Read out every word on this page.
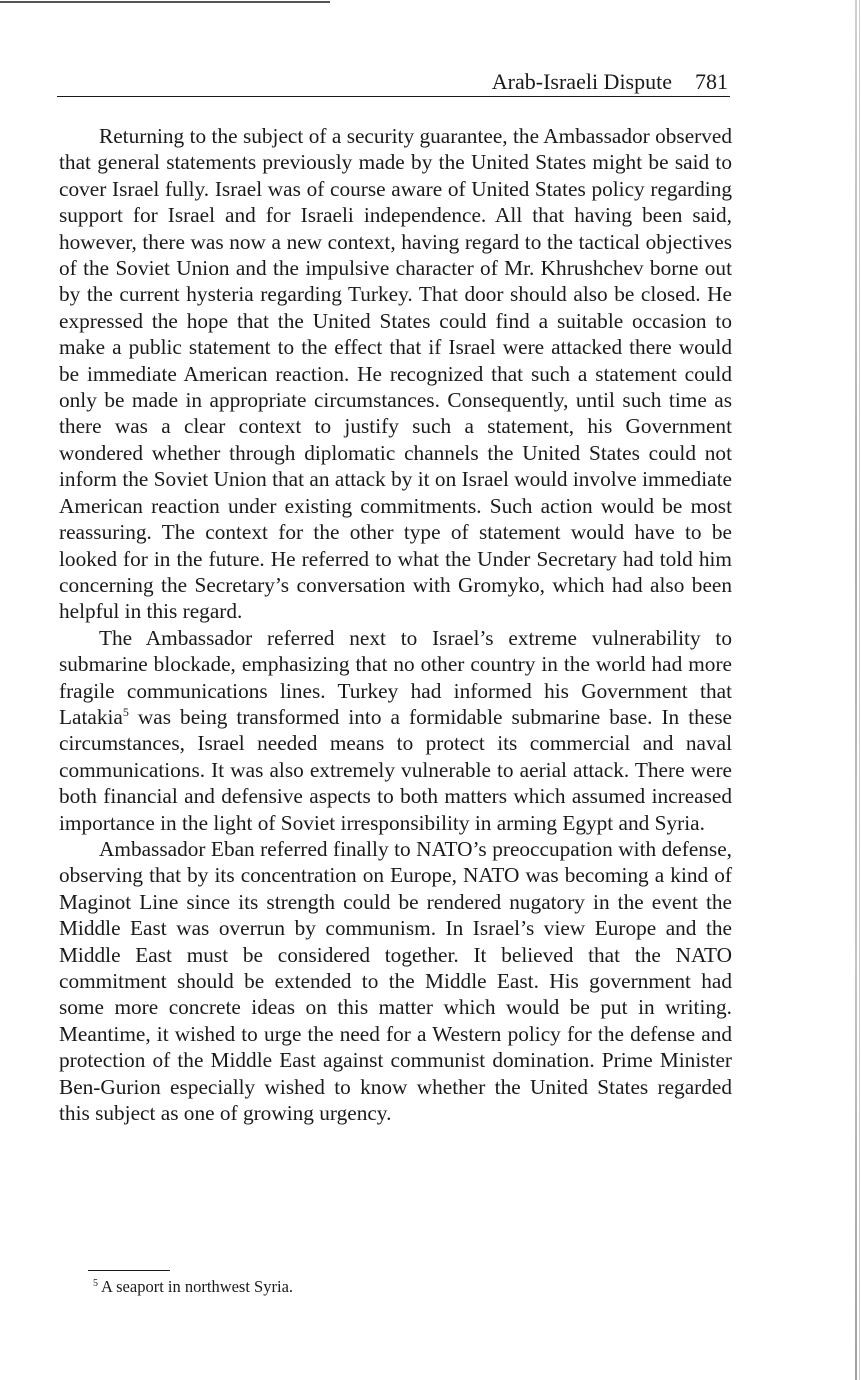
Arab-Israeli Dispute 781

Returning to the subject of a security guarantee, the Ambassador observed that general statements previously made by the United States might be said to cover Israel fully. Israel was of course aware of United States policy regarding support for Israel and for Israeli independence. All that having been said, however, there was now a new context, having regard to the tactical objectives of the Soviet Union and the impulsive character of Mr. Khrushchev borne out by the current hysteria regarding Turkey. That door should also be closed. He expressed the hope that the United States could find a suitable occasion to make a public statement to the effect that if Israel were attacked there would be immediate American reaction. He recognized that such a statement could only be made in appropriate circumstances. Consequently, until such time as there was a clear context to justify such a statement, his Government wondered whether through diplomatic channels the United States could not inform the Soviet Union that an attack by it on Israel would involve immediate American reaction under existing commitments. Such action would be most reassuring. The context for the other type of statement would have to be looked for in the future. He referred to what the Under Secretary had told him concerning the Secretary’s conversation with Gromyko, which had also been helpful in this regard.

The Ambassador referred next to Israel’s extreme vulnerability to submarine blockade, emphasizing that no other country in the world had more fragile communications lines. Turkey had informed his Government that Latakia$^5$ was being transformed into a formidable submarine base. In these circumstances, Israel needed means to protect its commercial and naval communications. It was also extremely vulnerable to aerial attack. There were both financial and defensive aspects to both matters which assumed increased importance in the light of Soviet irresponsibility in arming Egypt and Syria.

Ambassador Eban referred finally to NATO’s preoccupation with defense, observing that by its concentration on Europe, NATO was becoming a kind of Maginot Line since its strength could be rendered nugatory in the event the Middle East was overrun by communism. In Israel’s view Europe and the Middle East must be considered together. It believed that the NATO commitment should be extended to the Middle East. His government had some more concrete ideas on this matter which would be put in writing. Meantime, it wished to urge the need for a Western policy for the defense and protection of the Middle East against communist domination. Prime Minister Ben-Gurion especially wished to know whether the United States regarded this subject as one of growing urgency.

$^5$ A seaport in northwest Syria.
